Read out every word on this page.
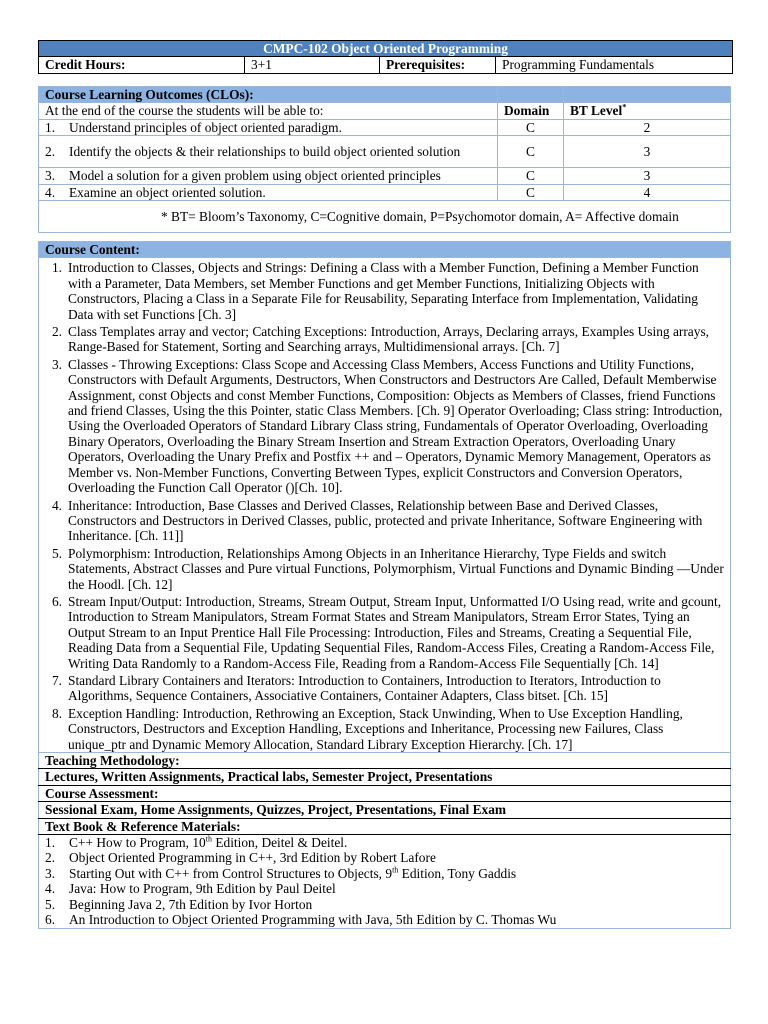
CMPC-102 Object Oriented Programming
Credit Hours:	3+1	Prerequisites:	Programming Fundamentals
Course Learning Outcomes (CLOs):		
At the end of the course the students will be able to:	Domain	BT Level*

1. Understand principles of object oriented paradigm.	C	2

2. Identify the objects & their relationships to build object oriented solution	C	3

3. Model a solution for a given problem using object oriented principles	C	3

4. Examine an object oriented solution.	C	4
* BT= Bloom’s Taxonomy, C=Cognitive domain, P=Psychomotor domain, A= Affective domain		
Course Content:

1. Introduction to Classes, Objects and Strings: Defining a Class with a Member Function, Defining a Member Function with a Parameter, Data Members, set Member Functions and get Member Functions, Initializing Objects with Constructors, Placing a Class in a Separate File for Reusability, Separating Interface from Implementation, Validating Data with set Functions [Ch. 3]
2. Class Templates array and vector; Catching Exceptions: Introduction, Arrays, Declaring arrays, Examples Using arrays, Range-Based for Statement, Sorting and Searching arrays, Multidimensional arrays. [Ch. 7]
3. Classes - Throwing Exceptions: Class Scope and Accessing Class Members, Access Functions and Utility Functions, Constructors with Default Arguments, Destructors, When Constructors and Destructors Are Called, Default Memberwise Assignment, const Objects and const Member Functions, Composition: Objects as Members of Classes, friend Functions and friend Classes, Using the this Pointer, static Class Members. [Ch. 9] Operator Overloading; Class string: Introduction, Using the Overloaded Operators of Standard Library Class string, Fundamentals of Operator Overloading, Overloading Binary Operators, Overloading the Binary Stream Insertion and Stream Extraction Operators, Overloading Unary Operators, Overloading the Unary Prefix and Postfix ++ and – Operators, Dynamic Memory Management, Operators as Member vs. Non-Member Functions, Converting Between Types, explicit Constructors and Conversion Operators, Overloading the Function Call Operator ()[Ch. 10].
4. Inheritance: Introduction, Base Classes and Derived Classes, Relationship between Base and Derived Classes, Constructors and Destructors in Derived Classes, public, protected and private Inheritance, Software Engineering with Inheritance. [Ch. 11]]
5. Polymorphism: Introduction, Relationships Among Objects in an Inheritance Hierarchy, Type Fields and switch Statements, Abstract Classes and Pure virtual Functions, Polymorphism, Virtual Functions and Dynamic Binding —Under the Hoodl. [Ch. 12]
6. Stream Input/Output: Introduction, Streams, Stream Output, Stream Input, Unformatted I/O Using read, write and gcount, Introduction to Stream Manipulators, Stream Format States and Stream Manipulators, Stream Error States, Tying an Output Stream to an Input Prentice Hall File Processing: Introduction, Files and Streams, Creating a Sequential File, Reading Data from a Sequential File, Updating Sequential Files, Random-Access Files, Creating a Random-Access File, Writing Data Randomly to a Random-Access File, Reading from a Random-Access File Sequentially [Ch. 14]
7. Standard Library Containers and Iterators: Introduction to Containers, Introduction to Iterators, Introduction to Algorithms, Sequence Containers, Associative Containers, Container Adapters, Class bitset. [Ch. 15]
8. Exception Handling: Introduction, Rethrowing an Exception, Stack Unwinding, When to Use Exception Handling, Constructors, Destructors and Exception Handling, Exceptions and Inheritance, Processing new Failures, Class unique_ptr and Dynamic Memory Allocation, Standard Library Exception Hierarchy. [Ch. 17]

Teaching Methodology:
Lectures, Written Assignments, Practical labs, Semester Project, Presentations
Course Assessment:
Sessional Exam, Home Assignments, Quizzes, Project, Presentations, Final Exam
Text Book & Reference Materials:

1.	C++ How to Program, 10th Edition, Deitel & Deitel.
2.	Object Oriented Programming in C++, 3rd Edition by Robert Lafore
3.	Starting Out with C++ from Control Structures to Objects, 9th Edition, Tony Gaddis
4.	Java: How to Program, 9th Edition by Paul Deitel
5.	Beginning Java 2, 7th Edition by Ivor Horton
6.	An Introduction to Object Oriented Programming with Java, 5th Edition by C. Thomas Wu
